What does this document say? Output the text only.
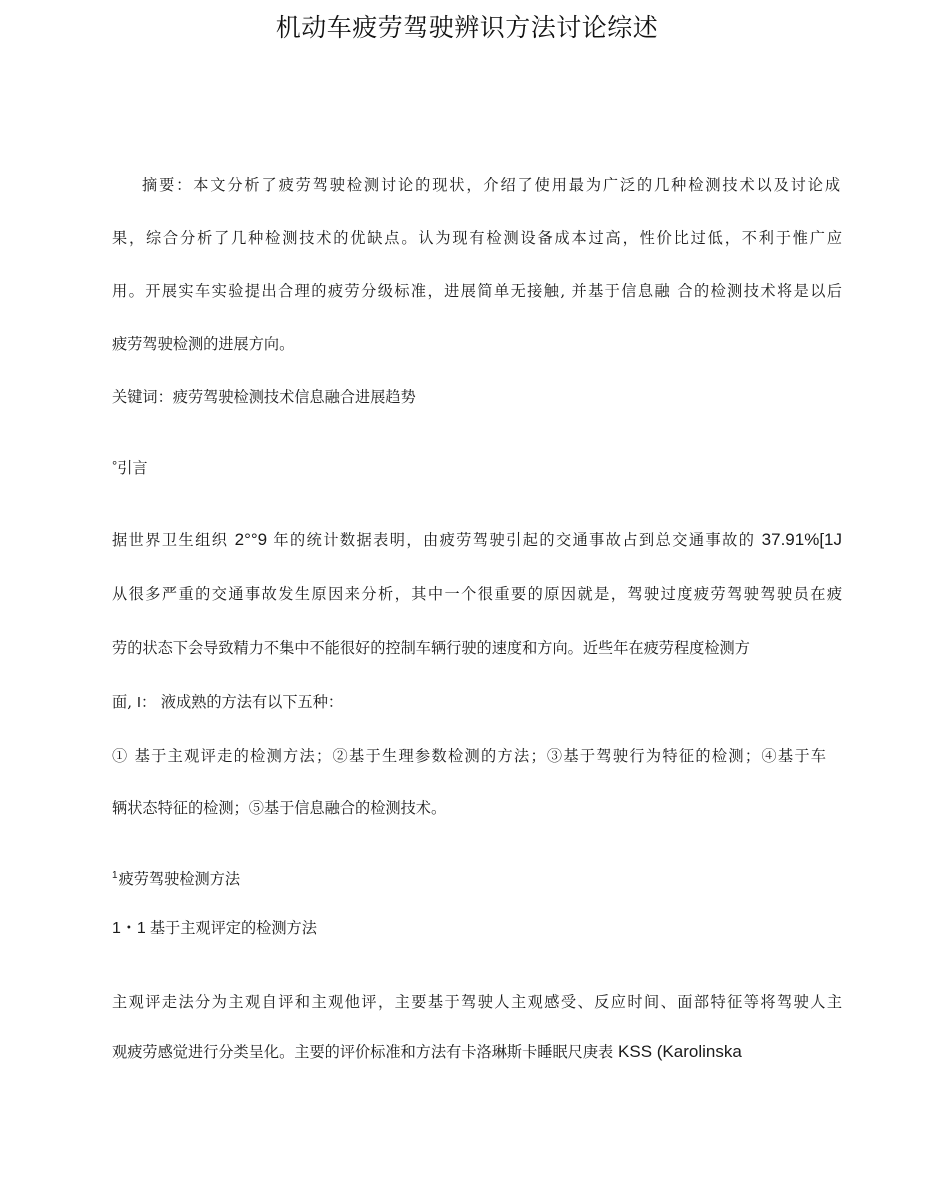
机动车疲劳驾驶辨识方法讨论综述
摘要：本文分析了疲劳驾驶检测讨论的现状，介绍了使用最为广泛的几种检测技术以及讨论成
果，综合分析了几种检测技术的优缺点。认为现有检测设备成本过高，性价比过低，不利于惟广应
用。开展实车实验提出合理的疲劳分级标准，进展简单无接触, 并基于信息融 合的检测技术将是以后
疲劳驾驶检测的进展方向。
关键词：疲劳驾驶检测技术信息融合进展趋势
°引言
据世界卫生组织 2°°9 年的统计数据表明，由疲劳驾驶引起的交通事故占到总交通事故的 37.91%[1J
从很多严重的交通事故发生原因来分析，其中一个很重要的原因就是，驾驶过度疲劳驾驶驾驶员在疲
劳的状态下会导致精力不集中不能很好的控制车辆行驶的速度和方向。近些年在疲劳程度检测方
面, I： 液成熟的方法有以下五种：
① 基于主观评走的检测方法；②基于生理参数检测的方法；③基于驾驶行为特征的检测；④基于车
辆状态特征的检测；⑤基于信息融合的检测技术。
$^1$疲劳驾驶检测方法
1・1 基于主观评定的检测方法
主观评走法分为主观自评和主观他评，主要基于驾驶人主观感受、反应时间、面部特征等将驾驶人主
观疲劳感觉进行分类呈化。主要的评价标准和方法有卡洛琳斯卡睡眠尺庚表 KSS (Karolinska
